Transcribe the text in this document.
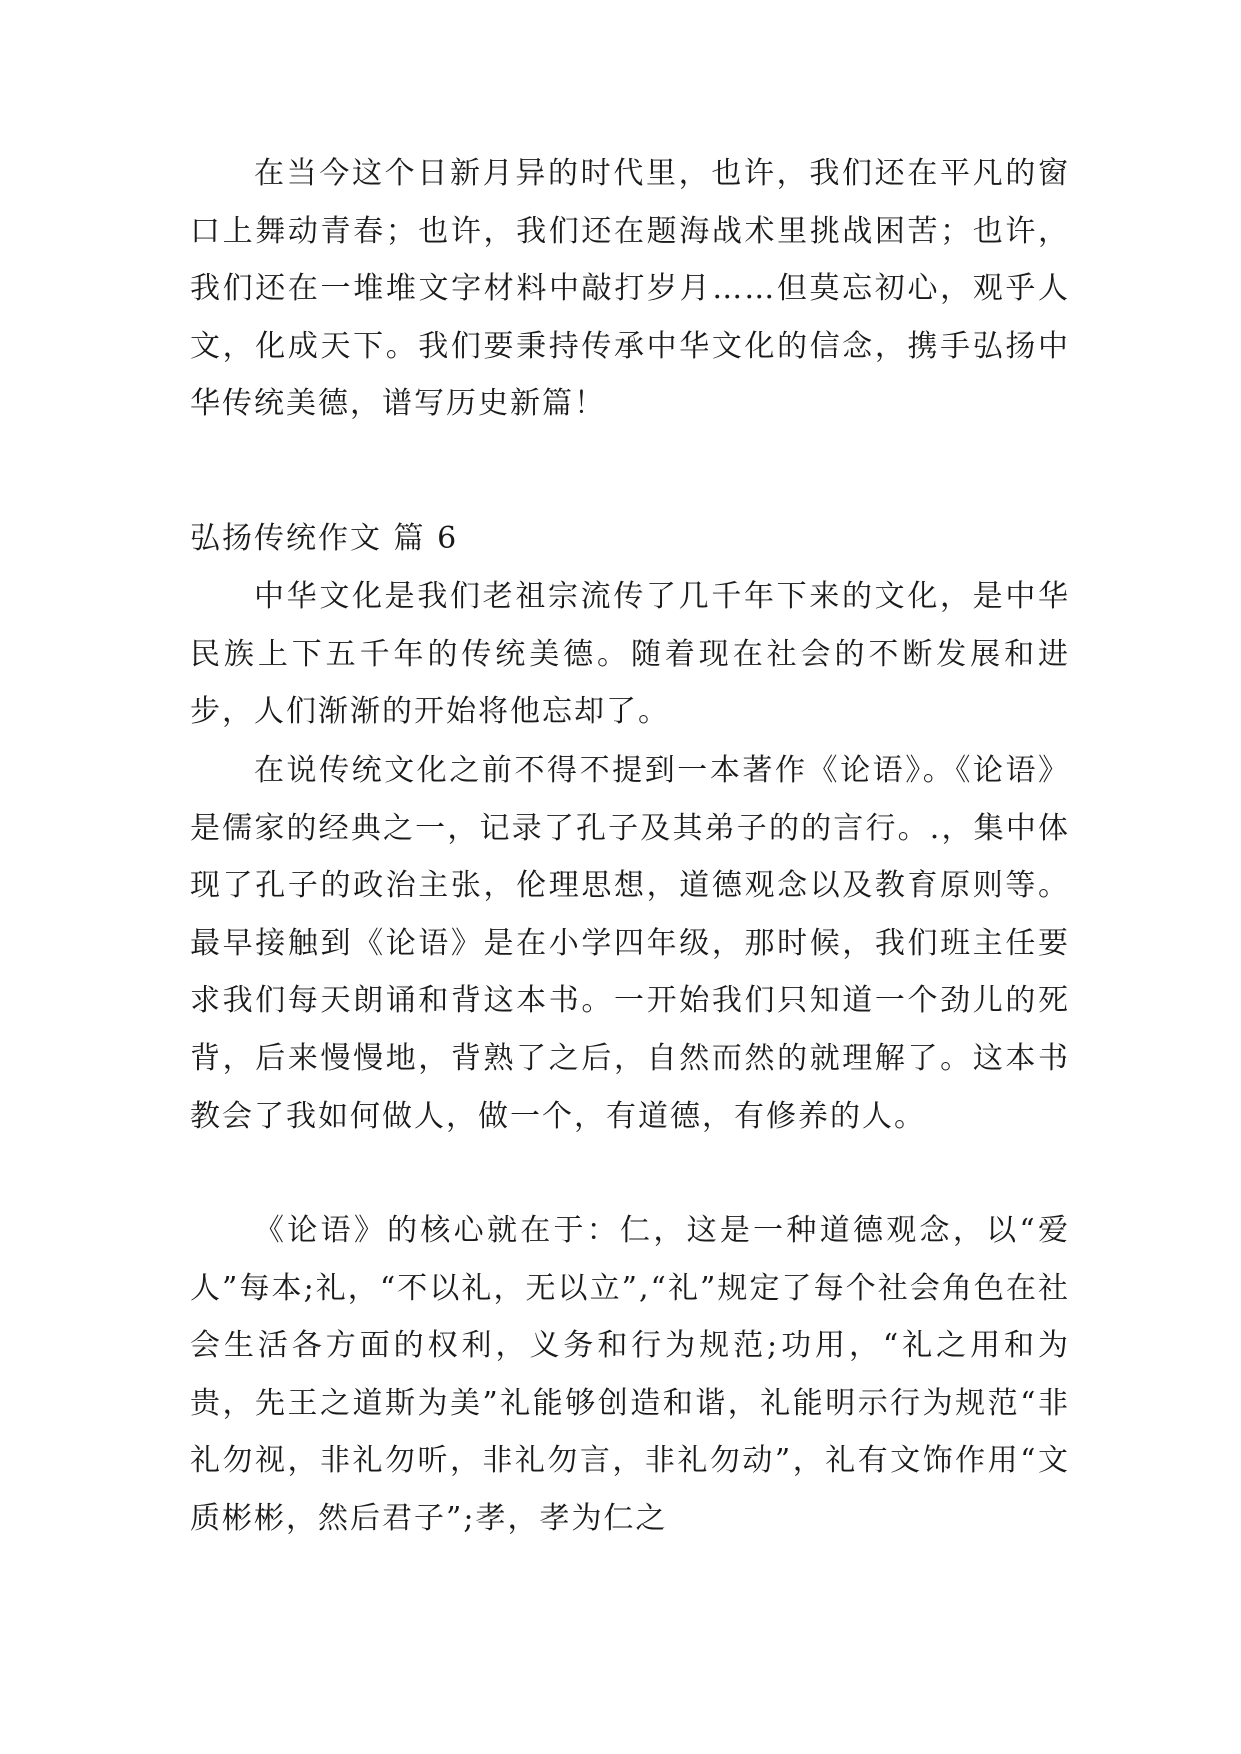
在当今这个日新月异的时代里，也许，我们还在平凡的窗口上舞动青春；也许，我们还在题海战术里挑战困苦；也许，我们还在一堆堆文字材料中敲打岁月……但莫忘初心，观乎人文，化成天下。我们要秉持传承中华文化的信念，携手弘扬中华传统美德，谱写历史新篇！

弘扬传统作文 篇 6

中华文化是我们老祖宗流传了几千年下来的文化，是中华民族上下五千年的传统美德。随着现在社会的不断发展和进步，人们渐渐的开始将他忘却了。

在说传统文化之前不得不提到一本著作《论语》。《论语》是儒家的经典之一，记录了孔子及其弟子的的言行。.，集中体现了孔子的政治主张，伦理思想，道德观念以及教育原则等。最早接触到《论语》是在小学四年级，那时候，我们班主任要求我们每天朗诵和背这本书。一开始我们只知道一个劲儿的死背，后来慢慢地，背熟了之后，自然而然的就理解了。这本书教会了我如何做人，做一个，有道德，有修养的人。

《论语》的核心就在于：仁，这是一种道德观念，以“爱人”每本;礼，“不以礼，无以立”,“礼”规定了每个社会角色在社会生活各方面的权利，义务和行为规范;功用，“礼之用和为贵，先王之道斯为美”礼能够创造和谐，礼能明示行为规范“非礼勿视，非礼勿听，非礼勿言，非礼勿动”，礼有文饰作用“文质彬彬，然后君子”;孝，孝为仁之
